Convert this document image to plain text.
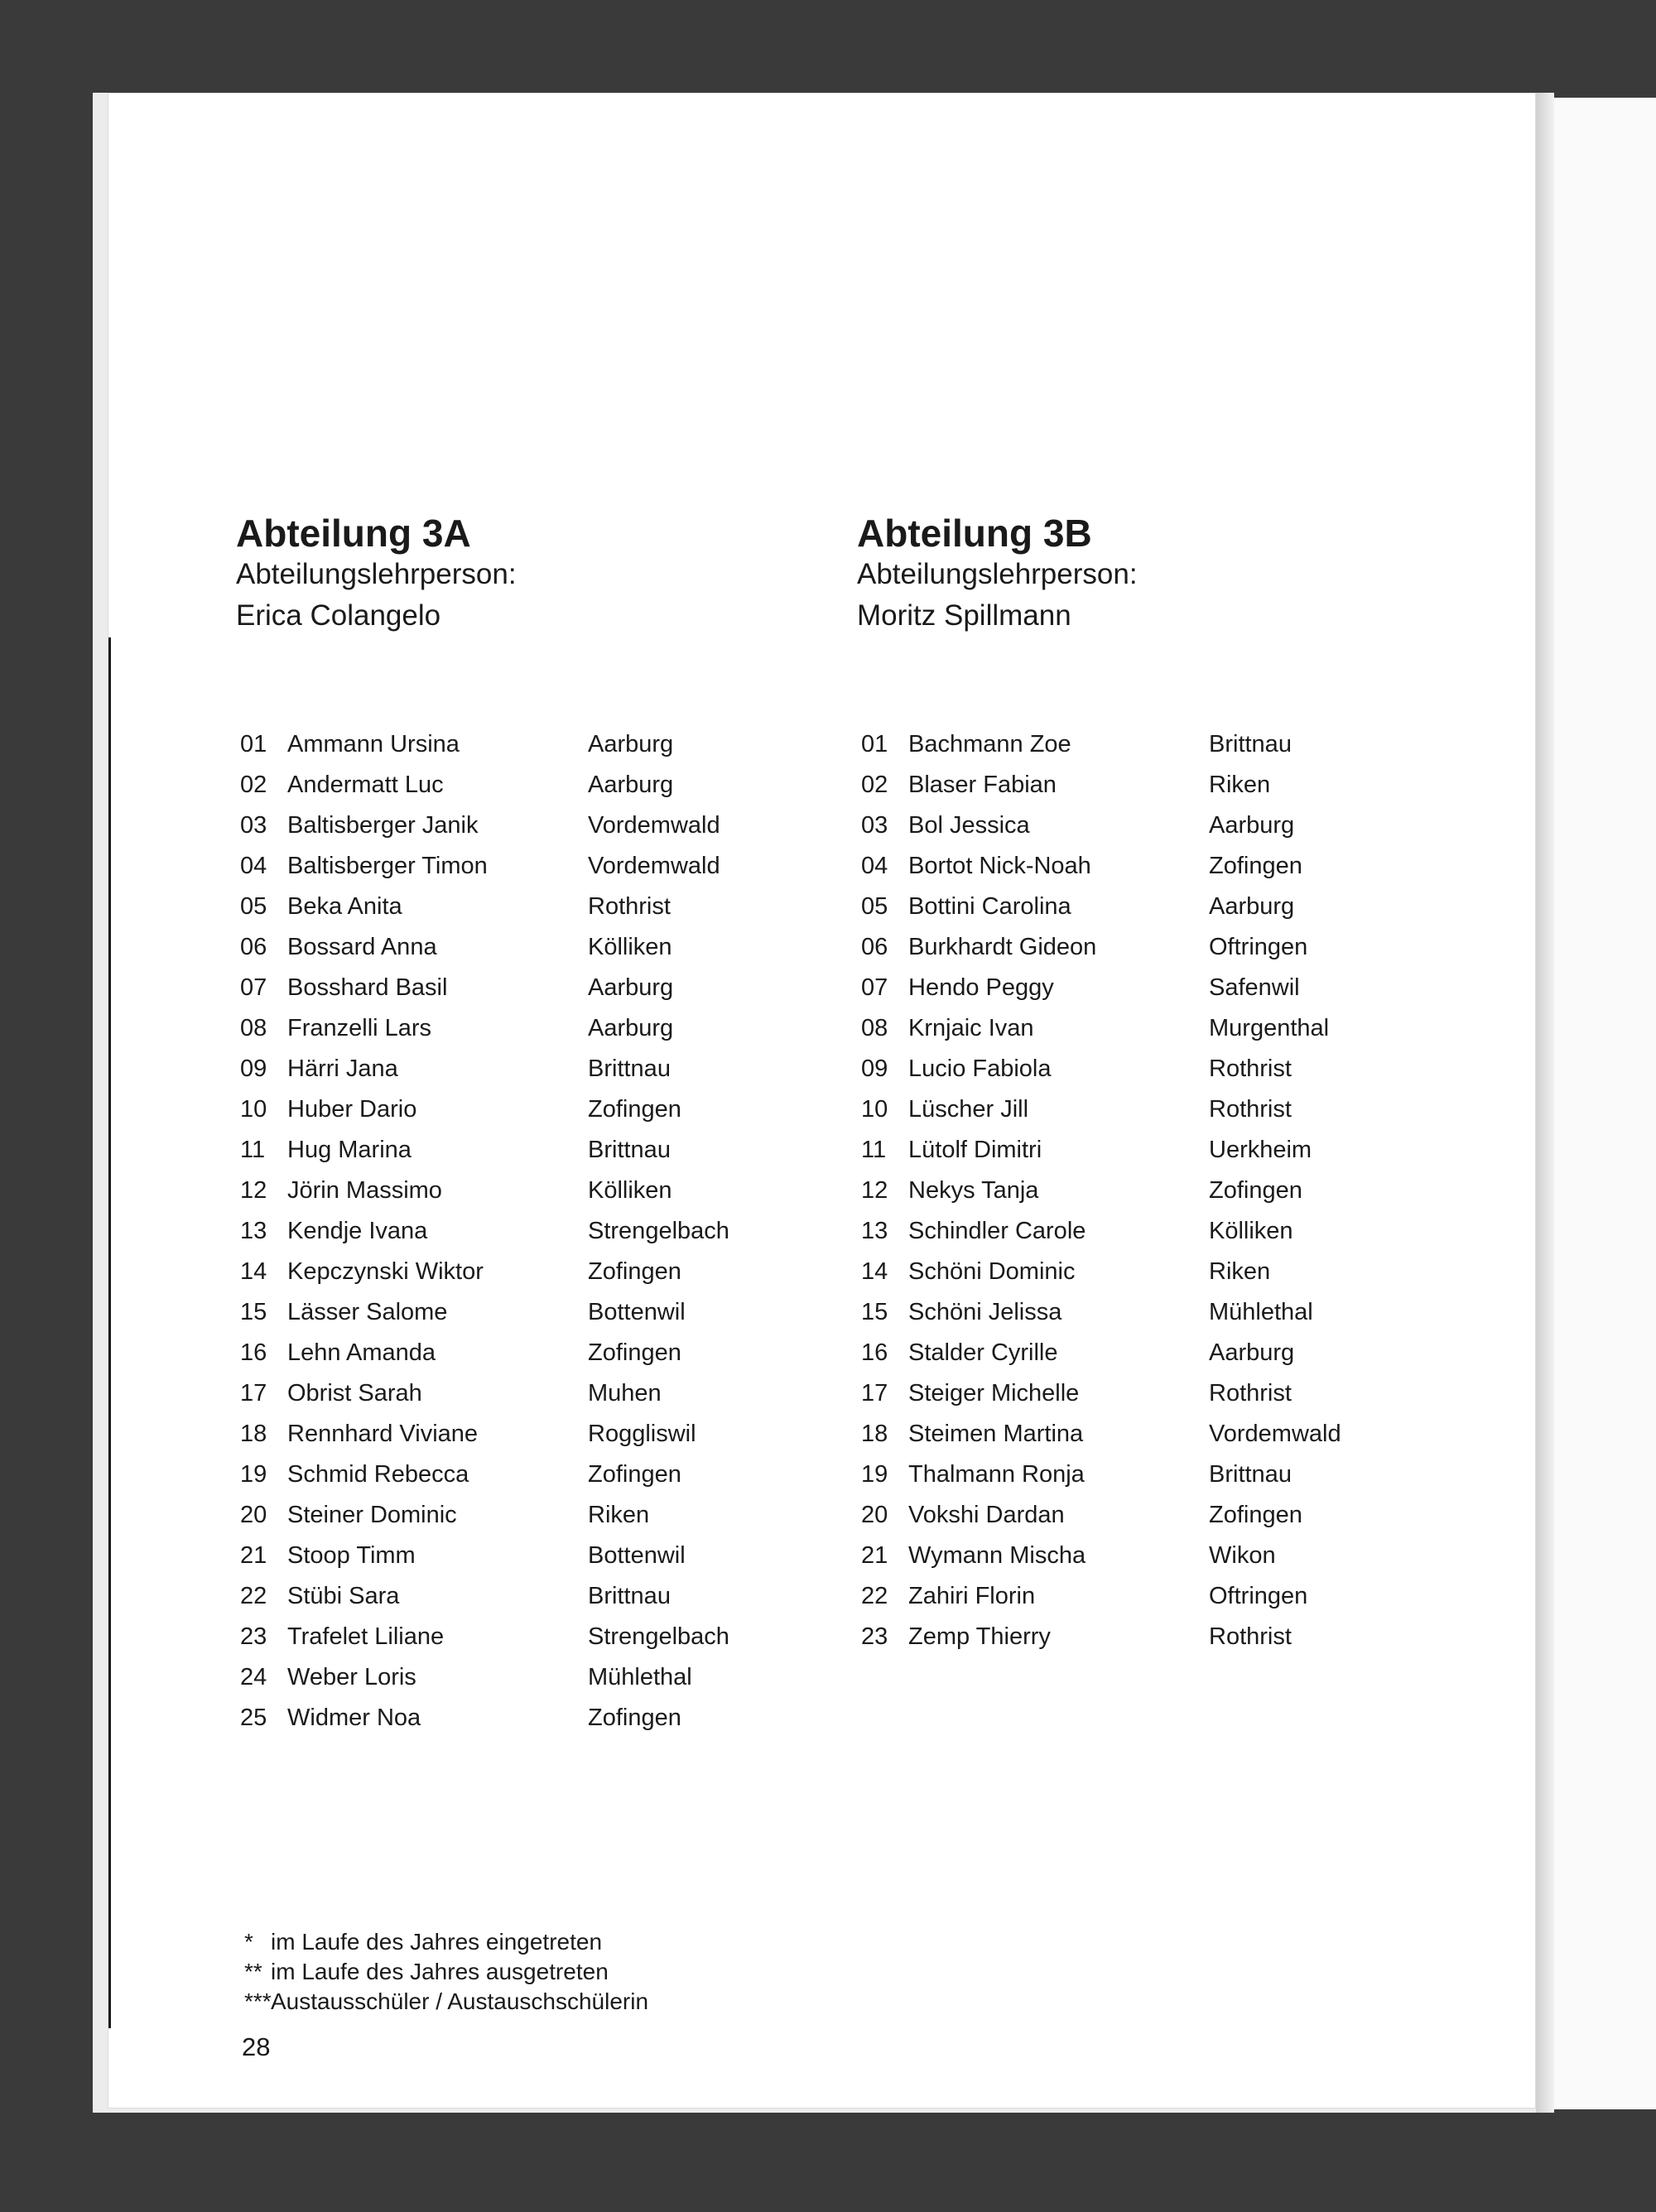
Abteilung 3A
Abteilungslehrperson:
Erica Colangelo
01 Ammann Ursina	Aarburg
02 Andermatt Luc	Aarburg
03 Baltisberger Janik	Vordemwald
04 Baltisberger Timon	Vordemwald
05 Beka Anita	Rothrist
06 Bossard Anna	Kölliken
07 Bosshard Basil	Aarburg
08 Franzelli Lars	Aarburg
09 Härri Jana	Brittnau
10 Huber Dario	Zofingen
11 Hug Marina	Brittnau
12 Jörin Massimo	Kölliken
13 Kendje Ivana	Strengelbach
14 Kepczynski Wiktor	Zofingen
15 Lässer Salome	Bottenwil
16 Lehn Amanda	Zofingen
17 Obrist Sarah	Muhen
18 Rennhard Viviane	Roggliswil
19 Schmid Rebecca	Zofingen
20 Steiner Dominic	Riken
21 Stoop Timm	Bottenwil
22 Stübi Sara	Brittnau
23 Trafelet Liliane	Strengelbach
24 Weber Loris	Mühlethal
25 Widmer Noa	Zofingen
Abteilung 3B
Abteilungslehrperson:
Moritz Spillmann
01 Bachmann Zoe	Brittnau
02 Blaser Fabian	Riken
03 Bol Jessica	Aarburg
04 Bortot Nick-Noah	Zofingen
05 Bottini Carolina	Aarburg
06 Burkhardt Gideon	Oftringen
07 Hendo Peggy	Safenwil
08 Krnjaic Ivan	Murgenthal
09 Lucio Fabiola	Rothrist
10 Lüscher Jill	Rothrist
11 Lütolf Dimitri	Uerkheim
12 Nekys Tanja	Zofingen
13 Schindler Carole	Kölliken
14 Schöni Dominic	Riken
15 Schöni Jelissa	Mühlethal
16 Stalder Cyrille	Aarburg
17 Steiger Michelle	Rothrist
18 Steimen Martina	Vordemwald
19 Thalmann Ronja	Brittnau
20 Vokshi Dardan	Zofingen
21 Wymann Mischa	Wikon
22 Zahiri Florin	Oftringen
23 Zemp Thierry	Rothrist
* im Laufe des Jahres eingetreten
** im Laufe des Jahres ausgetreten
*** Austausschüler / Austauschschülerin
28
